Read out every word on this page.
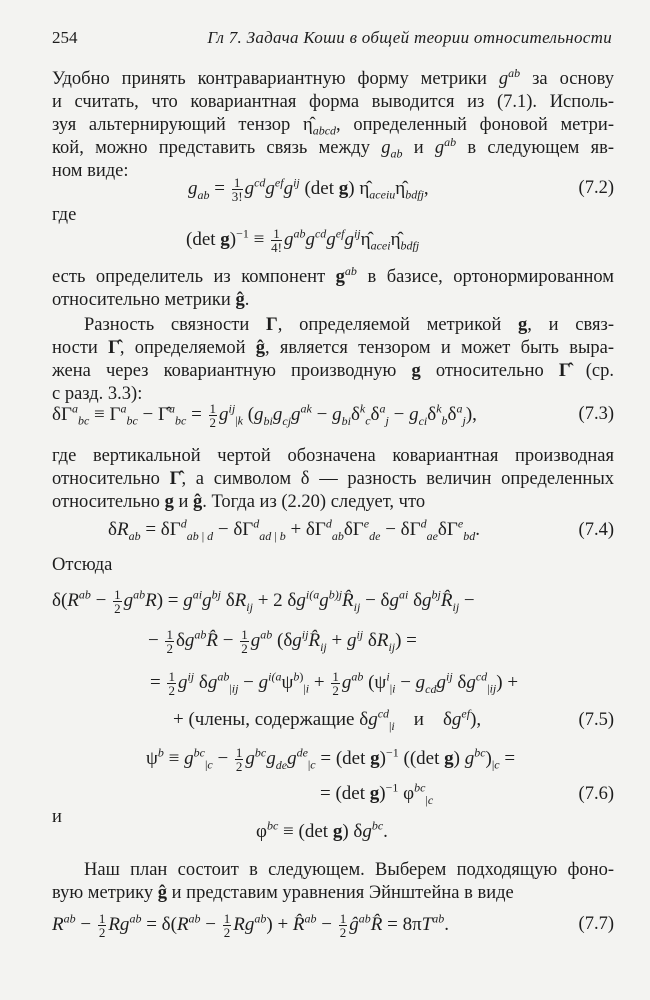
254	Гл 7. Задача Коши в общей теории относительности
Удобно принять контравариантную форму метрики $g^{ab}$ за основу
и считать, что ковариантная форма выводится из (7.1). Исполь-
зуя альтернирующий тензор $\etâ_{abcd}$, определенный фоновой метри-
кой, можно представить связь между $g_{ab}$ и $g^{ab}$ в следующем яв-
ном виде:
$g_{ab} = \frac{1}{3!} g^{cd}g^{ef}g^{ij}$ (det g) $\etâ_{aceiu}\etâ_{bdfj}$,	(7.2)
где
(det $g)^{-1} \equiv \frac{1}{4!}$ $g^{ab}g^{cd}g^{ef}g^{ij}\etâ_{acei}\etâ_{bdfj}$
есть определитель из компонент $g^{ab}$ в базисе, ортонормированном
относительно метрики ĝ.
Разность связности Γ, определяемой метрикой g, и связ-
ности Γ̂, определяемой ĝ, является тензором и может быть выра-
жена через ковариантную производную g относительно Γ̂ (ср.
с разд. 3.3):
$\delta\Gamma^a_{bc} \equiv \Gamma^a_{bc}$ − Γ̂$^a_{bc}$ = $\frac{1}{2} g^{ij}_{|k}$ $(g_{bi}g_{cj}g^{ak} - g_{bi}\delta^k_c\delta^a_j - g_{ci}\delta^k_b\delta^a_j)$,	(7.3)
где вертикальной чертой обозначена ковариантная производная
относительно Γ̂, а символом δ — разность величин определенных
относительно g и ĝ. Тогда из (2.20) следует, что
$\delta R_{ab} = \delta\Gamma^d_{ab | d} - \delta\Gamma^d_{ad | b} + \delta\Gamma^d_{ab}\delta\Gamma^e_{de} - \delta\Gamma^d_{ae}\delta\Gamma^e_{bd}$.	(7.4)
Отсюда
$\delta(R^{ab} - \frac{1}{2} g^{ab}R) = g^{ai}g^{bj}$ $\delta R_{ij} + 2$ $\delta g^{i(a}g^{b)j}R̂_{ij} - \delta g^{ai}$ $\delta g^{bj}R̂_{ij}$ −
− $\frac{1}{2}$ $\delta g^{ab}R̂ - \frac{1}{2} g^{ab}$ ($\delta g^{ij}R̂_{ij} + g^{ij}$ $\delta R_{ij}$) =
= $\frac{1}{2} g^{ij}$ $\delta g^{ab}_{|ij} - g^{i(a}\psi^{b)}_{|i} + \frac{1}{2} g^{ab}$ ($\psi^i_{|i} - g_{cd}g^{ij}$ $\delta g^{cd}_{|ij}$) +
+ (члены, содержащие $\delta g^{cd}_{|i}$ и    $\delta g^{ef}$),	(7.5)
$\psi^b \equiv g^{bc}_{|c} - \frac{1}{2} g^{bc}g_{de}g^{de}_{|c} = (\det$ g)$^{-1}$ ((det g) $g^{bc})_{|c}$ =
= (det g)$^{-1}$ $\varphi^{bc}_{|c}$	(7.6)
и
$\varphi^{bc} \equiv (\det$ g) $\delta g^{bc}$.
Наш план состоит в следующем. Выберем подходящую фоно-
вую метрику ĝ и представим уравнения Эйнштейна в виде
$R^{ab} - \frac{1}{2} Rg^{ab} = \delta(R^{ab} - \frac{1}{2} Rg^{ab})$ + R̂$^{ab}$ − $\frac{1}{2}$ $ĝ^{ab}R̂ = 8\pi T^{ab}$.	(7.7)
